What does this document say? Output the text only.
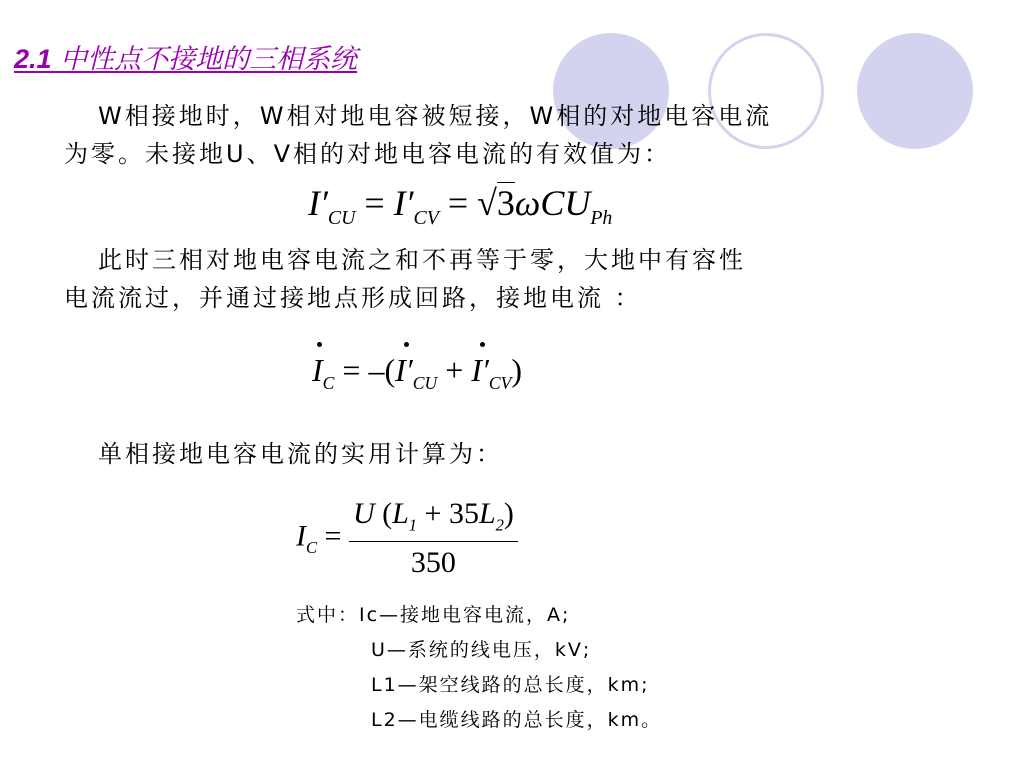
2.1 中性点不接地的三相系统

W相接地时，W相对地电容被短接，W相的对地电容电流
为零。未接地U、V相的对地电容电流的有效值为：

$I'_{CU} = I'_{CV} = √3\omega CU_{Ph}$

此时三相对地电容电流之和不再等于零，大地中有容性
电流流过，并通过接地点形成回路，接地电流 ：

$I_C = -(I'_{CU} + I'_{CV})$

单相接地电容电流的实用计算为：

$I_C = \frac{U (L_1 + 35L_2)}{350}$

式中：Ic—接地电容电流，A;
U—系统的线电压，kV;
L1—架空线路的总长度，km;
L2—电缆线路的总长度，km。
